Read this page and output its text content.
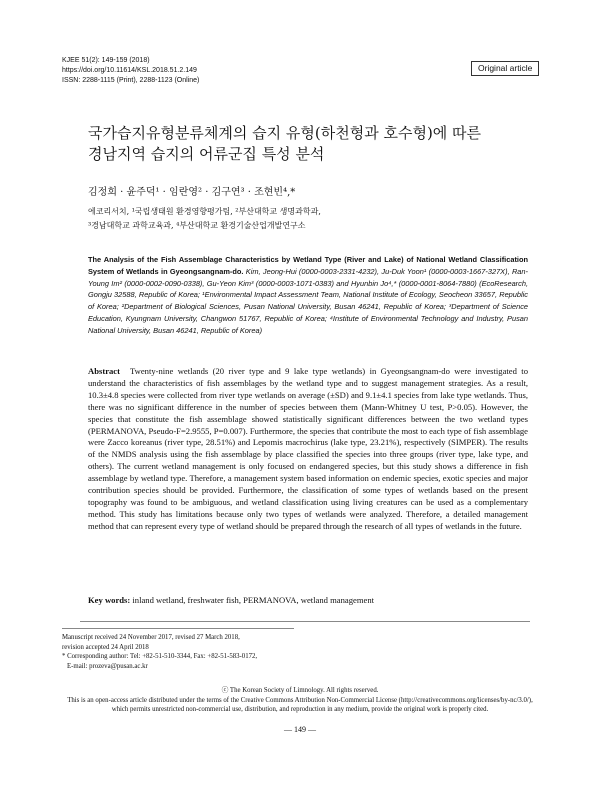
KJEE 51(2): 149-159 (2018)
https://doi.org/10.11614/KSL.2018.51.2.149
ISSN: 2288-1115 (Print), 2288-1123 (Online)
Original article
국가습지유형분류체계의 습지 유형(하천형과 호수형)에 따른
경남지역 습지의 어류군집 특성 분석
김정희 · 윤주덕¹ · 임란영² · 김구연³ · 조현빈⁴,*
에코리서치, ¹국립생태원 환경영향평가팀, ²부산대학교 생명과학과,
³경남대학교 과학교육과, ⁴부산대학교 환경기술산업개발연구소
The Analysis of the Fish Assemblage Characteristics by Wetland Type (River and Lake) of National Wetland Classification System of Wetlands in Gyeongsangnam-do. Kim, Jeong-Hui (0000-0003-2331-4232), Ju-Duk Yoon¹ (0000-0003-1667-327X), Ran-Young Im² (0000-0002-0090-0338), Gu-Yeon Kim³ (0000-0003-1071-0383) and Hyunbin Jo⁴,* (0000-0001-8064-7880) (EcoResearch, Gongju 32588, Republic of Korea; ¹Environmental Impact Assessment Team, National Institute of Ecology, Seocheon 33657, Republic of Korea; ²Department of Biological Sciences, Pusan National University, Busan 46241, Republic of Korea; ³Department of Science Education, Kyungnam University, Changwon 51767, Republic of Korea; ⁴Institute of Environmental Technology and Industry, Pusan National University, Busan 46241, Republic of Korea)
Abstract Twenty-nine wetlands (20 river type and 9 lake type wetlands) in Gyeongsangnam-do were investigated to understand the characteristics of fish assemblages by the wetland type and to suggest management strategies. As a result, 10.3±4.8 species were collected from river type wetlands on average (±SD) and 9.1±4.1 species from lake type wetlands. Thus, there was no significant difference in the number of species between them (Mann-Whitney U test, P>0.05). However, the species that constitute the fish assemblage showed statistically significant differences between the two wetland types (PERMANOVA, Pseudo-F=2.9555, P=0.007). Furthermore, the species that contribute the most to each type of fish assemblage were Zacco koreanus (river type, 28.51%) and Lepomis macrochirus (lake type, 23.21%), respectively (SIMPER). The results of the NMDS analysis using the fish assemblage by place classified the species into three groups (river type, lake type, and others). The current wetland management is only focused on endangered species, but this study shows a difference in fish assemblage by wetland type. Therefore, a management system based information on endemic species, exotic species and major contribution species should be provided. Furthermore, the classification of some types of wetlands based on the present topography was found to be ambiguous, and wetland classification using living creatures can be used as a complementary method. This study has limitations because only two types of wetlands were analyzed. Therefore, a detailed management method that can represent every type of wetland should be prepared through the research of all types of wetlands in the future.
Key words: inland wetland, freshwater fish, PERMANOVA, wetland management
Manuscript received 24 November 2017, revised 27 March 2018,
revision accepted 24 April 2018
* Corresponding author: Tel: +82-51-510-3344, Fax: +82-51-583-0172,
E-mail: prozeva@pusan.ac.kr
ⓒ The Korean Society of Limnology. All rights reserved.
This is an open-access article distributed under the terms of the Creative Commons Attribution Non-Commercial License (http://creativecommons.org/licenses/by-nc/3.0/),
which permits unrestricted non-commercial use, distribution, and reproduction in any medium, provide the original work is properly cited.
— 149 —
